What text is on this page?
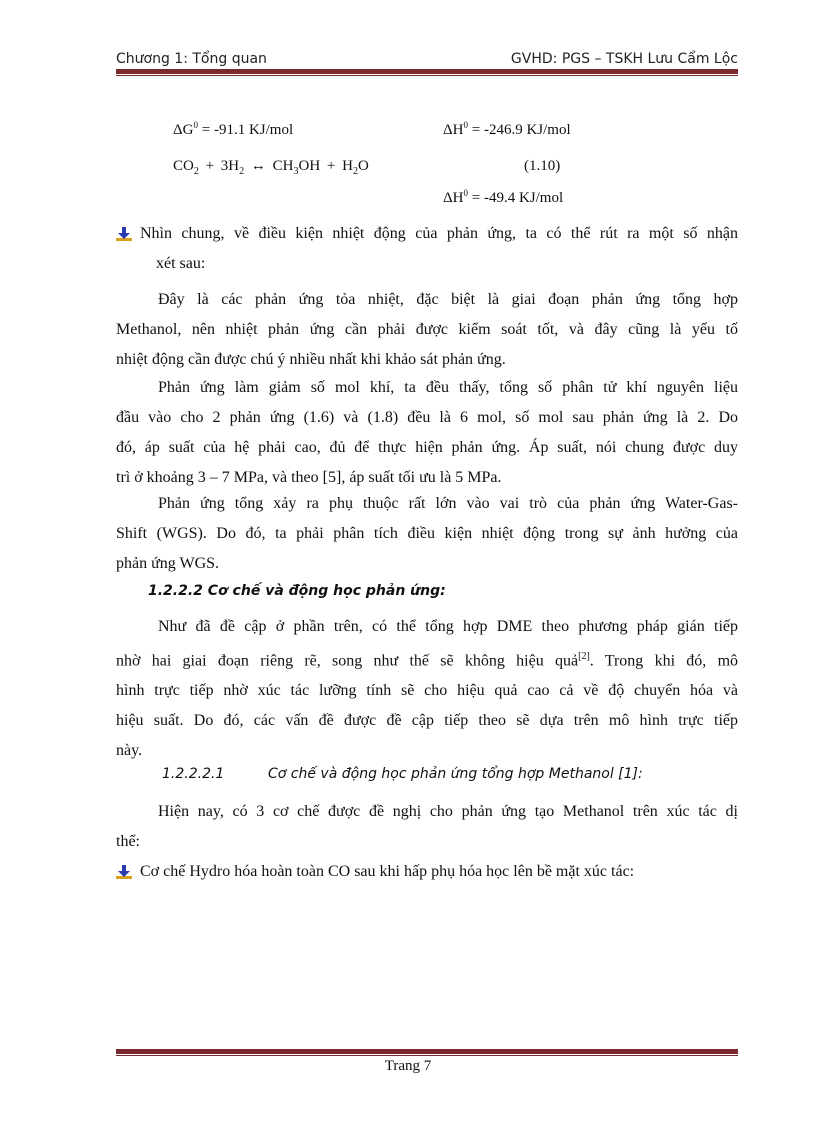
Chương 1: Tổng quan	GVHD: PGS – TSKH Lưu Cẩm Lộc
$\Delta G^0 = -91.1$ KJ/mol	$\Delta H^0 = -246.9$ KJ/mol
$CO_2 + 3H_2$ ↔ $CH_3OH + H_2O$	(1.10)
$\Delta H^0 = -49.4$ KJ/mol
Nhìn chung, về điều kiện nhiệt động của phản ứng, ta có thể rút ra một số nhận
xét sau:
Đây là các phản ứng tỏa nhiệt, đặc biệt là giai đoạn phản ứng tổng hợp
Methanol, nên nhiệt phản ứng cần phải được kiểm soát tốt, và đây cũng là yếu tố
nhiệt động cần được chú ý nhiều nhất khi khảo sát phản ứng.
Phản ứng làm giảm số mol khí, ta đều thấy, tổng số phân tử khí nguyên liệu
đầu vào cho 2 phản ứng (1.6) và (1.8) đều là 6 mol, số mol sau phản ứng là 2. Do
đó, áp suất của hệ phải cao, đủ để thực hiện phản ứng. Áp suất, nói chung được duy
trì ở khoảng 3 – 7 MPa, và theo [5], áp suất tối ưu là 5 MPa.
Phản ứng tổng xảy ra phụ thuộc rất lớn vào vai trò của phản ứng Water-Gas-
Shift (WGS). Do đó, ta phải phân tích điều kiện nhiệt động trong sự ảnh hưởng của
phản ứng WGS.
1.2.2.2 Cơ chế và động học phản ứng:
Như đã đề cập ở phần trên, có thể tổng hợp DME theo phương pháp gián tiếp
nhờ hai giai đoạn riêng rẽ, song như thế sẽ không hiệu quả[2]. Trong khi đó, mô
hình trực tiếp nhờ xúc tác lưỡng tính sẽ cho hiệu quả cao cả về độ chuyển hóa và
hiệu suất. Do đó, các vấn đề được đề cập tiếp theo sẽ dựa trên mô hình trực tiếp
này.
1.2.2.2.1	Cơ chế và động học phản ứng tổng hợp Methanol [1]:
Hiện nay, có 3 cơ chế được đề nghị cho phản ứng tạo Methanol trên xúc tác dị
thể:
Cơ chế Hydro hóa hoàn toàn CO sau khi hấp phụ hóa học lên bề mặt xúc tác:
Trang 7
